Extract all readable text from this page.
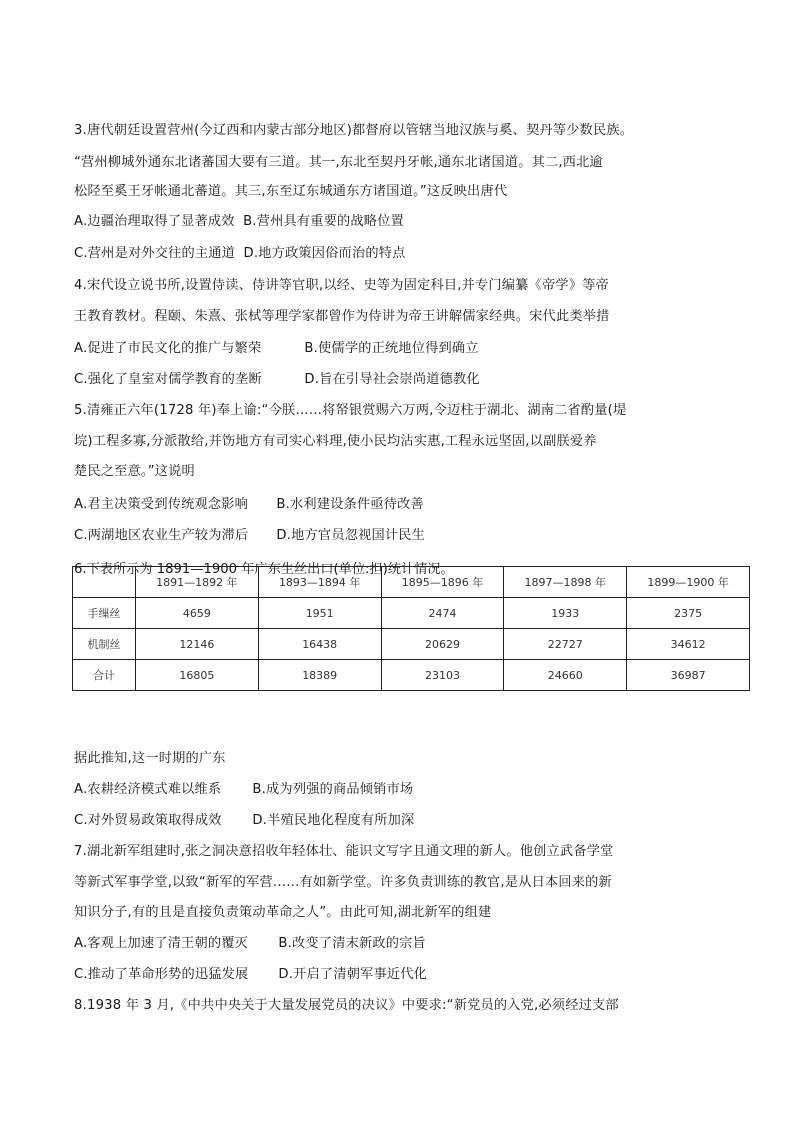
3.唐代朝廷设置营州(今辽西和内蒙古部分地区)都督府以管辖当地汉族与奚、契丹等少数民族。
“营州柳城外通东北诸蕃国大要有三道。其一,东北至契丹牙帐,通东北诸国道。其二,西北逾
松陉至奚王牙帐通北蕃道。其三,东至辽东城通东方诸国道。”这反映出唐代
A.边疆治理取得了显著成效 B.营州具有重要的战略位置
C.营州是对外交往的主通道 D.地方政策因俗而治的特点
4.宋代设立说书所,设置侍读、侍讲等官职,以经、史等为固定科目,并专门编纂《帝学》等帝
王教育教材。程颐、朱熹、张栻等理学家都曾作为侍讲为帝王讲解儒家经典。宋代此类举措
A.促进了市民文化的推广与繁荣	B.使儒学的正统地位得到确立
C.强化了皇室对儒学教育的垄断	D.旨在引导社会崇尚道德教化
5.清雍正六年(1728 年)奉上谕:“今朕……将帑银赏赐六万两,令迈柱于湖北、湖南二省酌量(堤
垸)工程多寡,分派散给,并饬地方有司实心料理,使小民均沾实惠,工程永远坚固,以副朕爱养
楚民之至意。”这说明
A.君主决策受到传统观念影响 B.水利建设条件亟待改善
C.两湖地区农业生产较为滞后 D.地方官员忽视国计民生
6.下表所示为 1891—1900 年广东生丝出口(单位:担)统计情况。
	1891—1892 年	1893—1894 年	1895—1896 年	1897—1898 年	1899—1900 年
手缫丝	4659	1951	2474	1933	2375
机制丝	12146	16438	20629	22727	34612
合计	16805	18389	23103	24660	36987
据此推知,这一时期的广东
A.农耕经济模式难以维系 B.成为列强的商品倾销市场
C.对外贸易政策取得成效 D.半殖民地化程度有所加深
7.湖北新军组建时,张之洞决意招收年轻体壮、能识文写字且通文理的新人。他创立武备学堂
等新式军事学堂,以致“新军的军营……有如新学堂。许多负责训练的教官,是从日本回来的新
知识分子,有的且是直接负责策动革命之人”。由此可知,湖北新军的组建
A.客观上加速了清王朝的覆灭 B.改变了清末新政的宗旨
C.推动了革命形势的迅猛发展 D.开启了清朝军事近代化
8.1938 年 3 月,《中共中央关于大量发展党员的决议》中要求:“新党员的入党,必须经过支部
